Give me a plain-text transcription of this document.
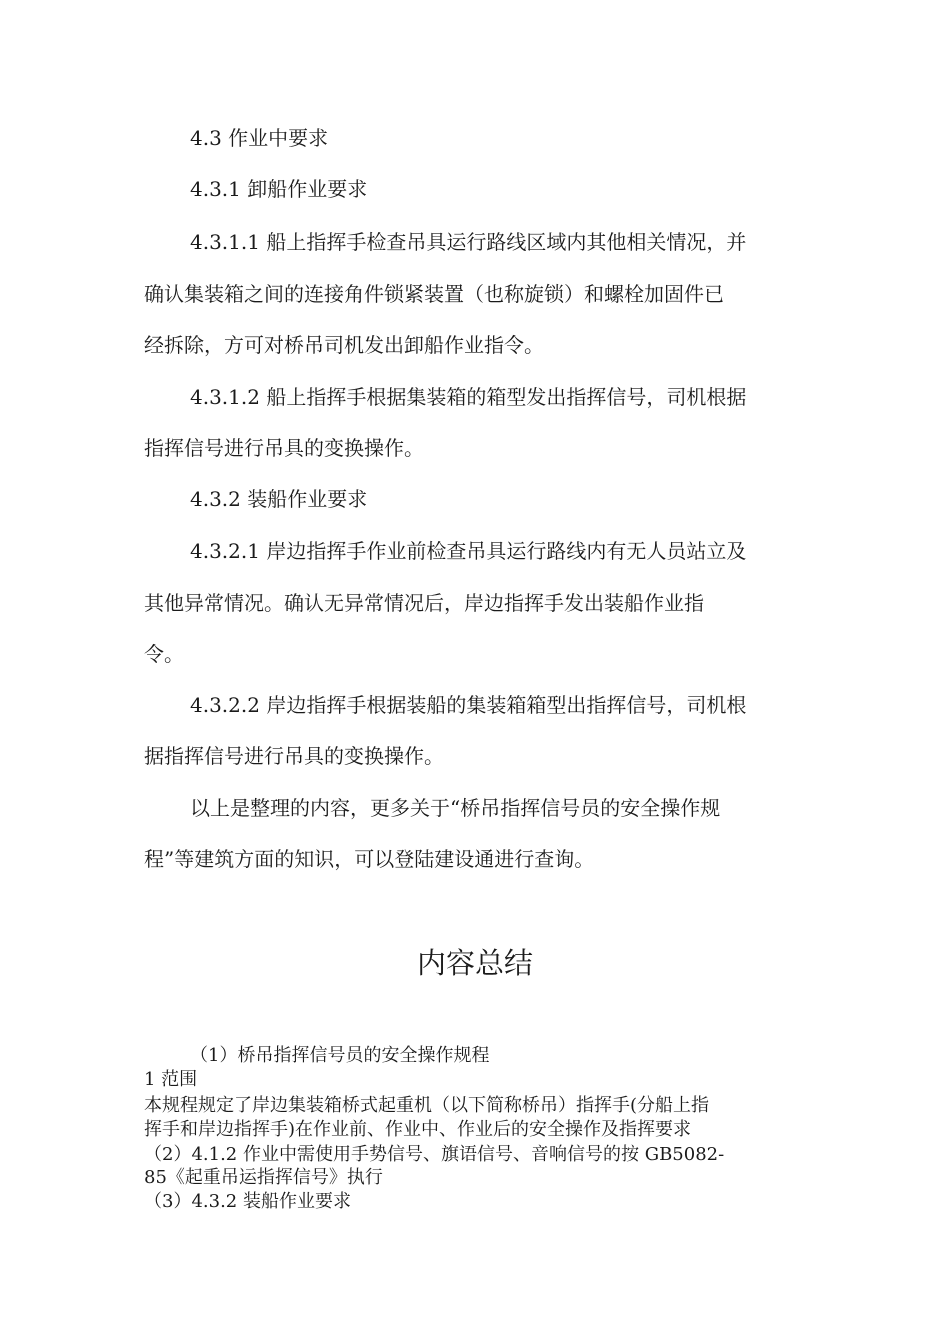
4.3 作业中要求
4.3.1 卸船作业要求
4.3.1.1 船上指挥手检查吊具运行路线区域内其他相关情况，并
确认集装箱之间的连接角件锁紧装置（也称旋锁）和螺栓加固件已
经拆除，方可对桥吊司机发出卸船作业指令。
4.3.1.2 船上指挥手根据集装箱的箱型发出指挥信号，司机根据
指挥信号进行吊具的变换操作。
4.3.2 装船作业要求
4.3.2.1 岸边指挥手作业前检查吊具运行路线内有无人员站立及
其他异常情况。确认无异常情况后，岸边指挥手发出装船作业指
令。
4.3.2.2 岸边指挥手根据装船的集装箱箱型出指挥信号，司机根
据指挥信号进行吊具的变换操作。
以上是整理的内容，更多关于“桥吊指挥信号员的安全操作规
程”等建筑方面的知识，可以登陆建设通进行查询。
内容总结
（1）桥吊指挥信号员的安全操作规程
1 范围
本规程规定了岸边集装箱桥式起重机（以下简称桥吊）指挥手(分船上指
挥手和岸边指挥手)在作业前、作业中、作业后的安全操作及指挥要求
（2）4.1.2 作业中需使用手势信号、旗语信号、音响信号的按 GB5082-
85《起重吊运指挥信号》执行
（3）4.3.2 装船作业要求
